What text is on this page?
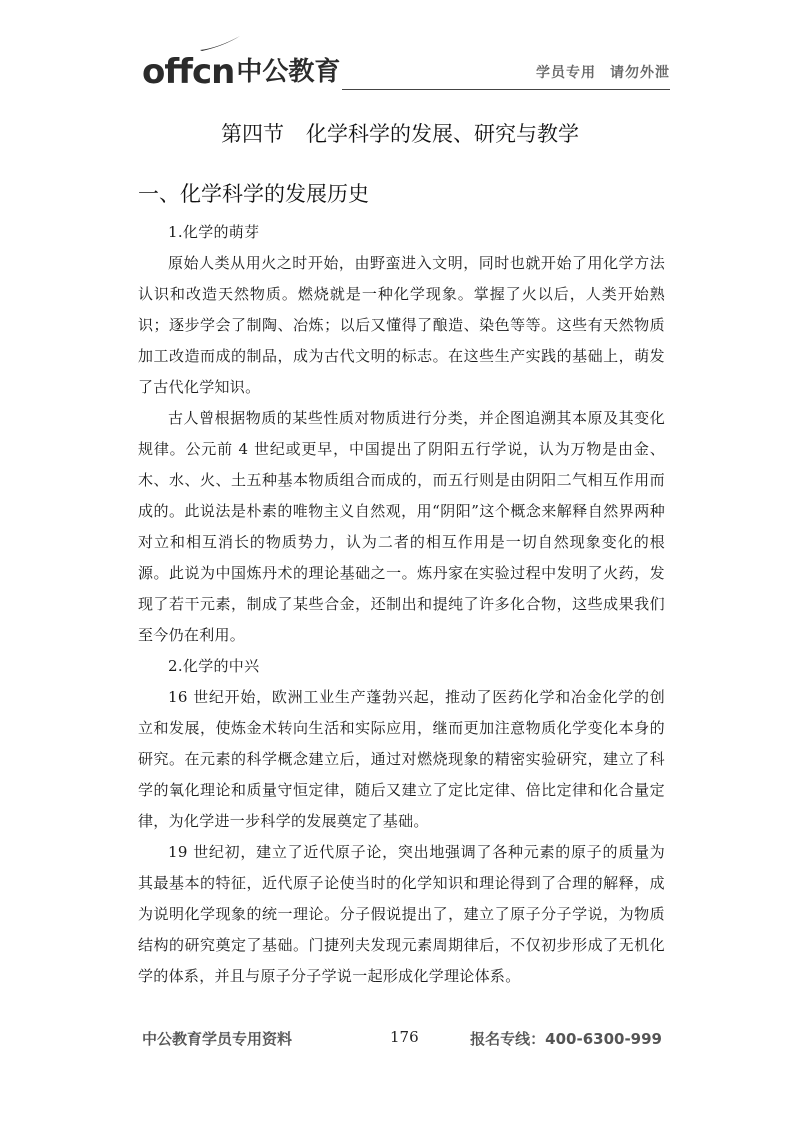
offcn 中公教育	学员专用 请勿外泄
第四节 化学科学的发展、研究与教学
一、化学科学的发展历史

1.化学的萌芽

原始人类从用火之时开始，由野蛮进入文明，同时也就开始了用化学方法认识和改造天然物质。燃烧就是一种化学现象。掌握了火以后，人类开始熟识；逐步学会了制陶、冶炼；以后又懂得了酿造、染色等等。这些有天然物质加工改造而成的制品，成为古代文明的标志。在这些生产实践的基础上，萌发了古代化学知识。

古人曾根据物质的某些性质对物质进行分类，并企图追溯其本原及其变化规律。公元前 4 世纪或更早，中国提出了阴阳五行学说，认为万物是由金、木、水、火、土五种基本物质组合而成的，而五行则是由阴阳二气相互作用而成的。此说法是朴素的唯物主义自然观，用“阴阳”这个概念来解释自然界两种对立和相互消长的物质势力，认为二者的相互作用是一切自然现象变化的根源。此说为中国炼丹术的理论基础之一。炼丹家在实验过程中发明了火药，发现了若干元素，制成了某些合金，还制出和提纯了许多化合物，这些成果我们至今仍在利用。

2.化学的中兴

16 世纪开始，欧洲工业生产蓬勃兴起，推动了医药化学和冶金化学的创立和发展，使炼金术转向生活和实际应用，继而更加注意物质化学变化本身的研究。在元素的科学概念建立后，通过对燃烧现象的精密实验研究，建立了科学的氧化理论和质量守恒定律，随后又建立了定比定律、倍比定律和化合量定律，为化学进一步科学的发展奠定了基础。

19 世纪初，建立了近代原子论，突出地强调了各种元素的原子的质量为其最基本的特征，近代原子论使当时的化学知识和理论得到了合理的解释，成为说明化学现象的统一理论。分子假说提出了，建立了原子分子学说，为物质结构的研究奠定了基础。门捷列夫发现元素周期律后，不仅初步形成了无机化学的体系，并且与原子分子学说一起形成化学理论体系。

中公教育学员专用资料	176	报名专线：400-6300-999
